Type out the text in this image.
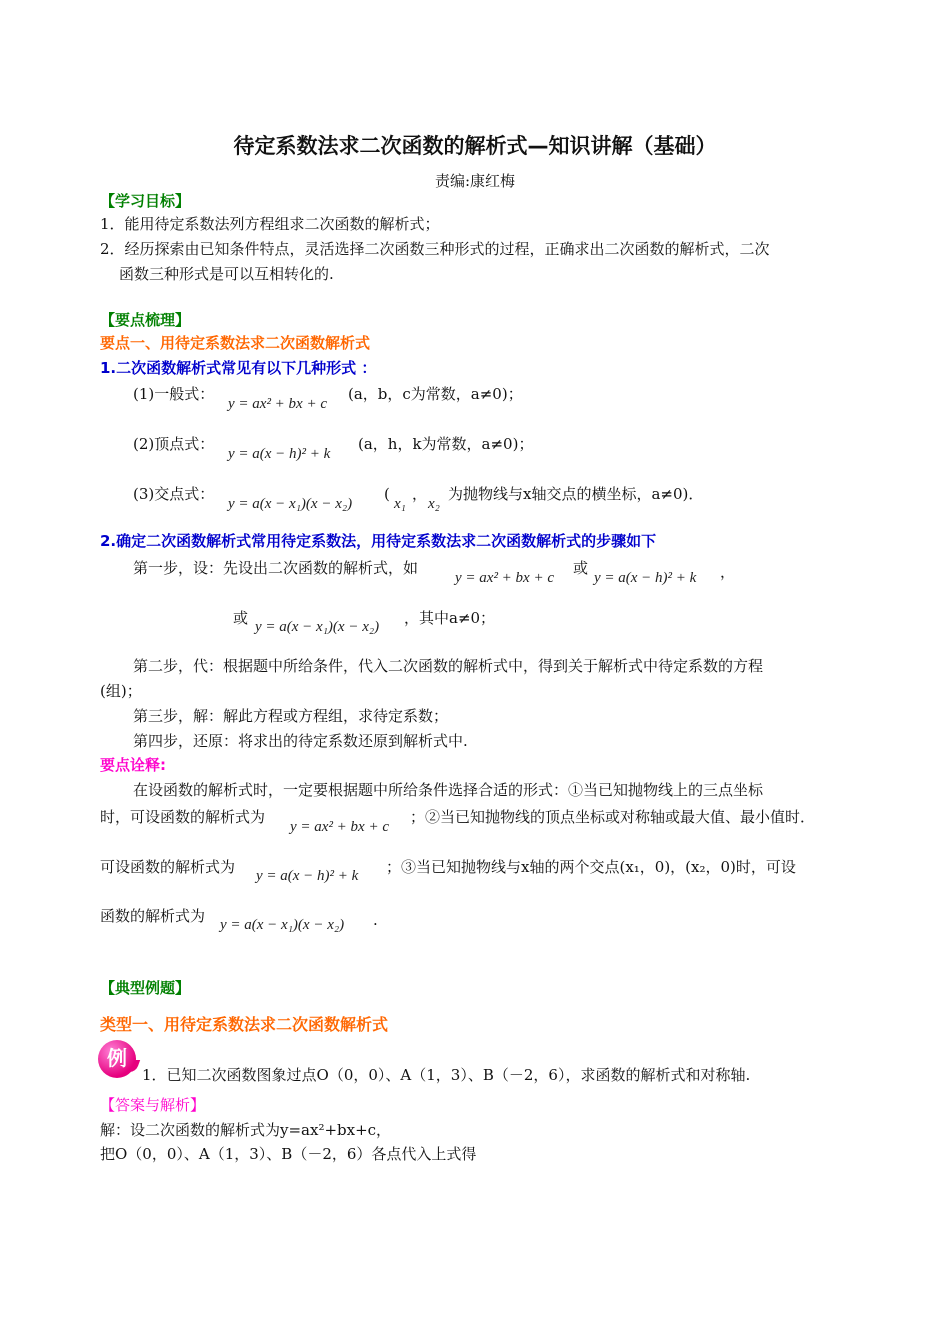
待定系数法求二次函数的解析式—知识讲解（基础）
责编:康红梅
【学习目标】
1．能用待定系数法列方程组求二次函数的解析式；
2．经历探索由已知条件特点，灵活选择二次函数三种形式的过程，正确求出二次函数的解析式，二次
函数三种形式是可以互相转化的.
【要点梳理】
要点一、用待定系数法求二次函数解析式
1.二次函数解析式常见有以下几种形式 ：
(1)一般式：
y = ax² + bx + c
(a，b，c为常数，a≠0)；
(2)顶点式：
y = a(x − h)² + k
(a，h，k为常数，a≠0)；
(3)交点式：
y = a(x − x₁)(x − x₂)
(
x₁
，
x₂
为抛物线与x轴交点的横坐标，a≠0)．
2.确定二次函数解析式常用待定系数法，用待定系数法求二次函数解析式的步骤如下
第一步，设：先设出二次函数的解析式，如
y = ax² + bx + c
或
y = a(x − h)² + k ，
或 y = a(x − x₁)(x − x₂) ，其中a≠0；
第二步，代：根据题中所给条件，代入二次函数的解析式中，得到关于解析式中待定系数的方程
(组)；
第三步，解：解此方程或方程组，求待定系数；
第四步，还原：将求出的待定系数还原到解析式中.
要点诠释:
在设函数的解析式时，一定要根据题中所给条件选择合适的形式：①当已知抛物线上的三点坐标
时，可设函数的解析式为
y = ax² + bx + c
；②当已知抛物线的顶点坐标或对称轴或最大值、最小值时．
可设函数的解析式为 y = a(x − h)² + k ；③当已知抛物线与x轴的两个交点(x₁，0)，(x₂，0)时，可设
函数的解析式为 y = a(x − x₁)(x − x₂) .
【典型例题】
类型一、用待定系数法求二次函数解析式
例
1．已知二次函数图象过点O（0，0）、A（1，3）、B（－2，6），求函数的解析式和对称轴.
【答案与解析】
解：设二次函数的解析式为y=ax²+bx+c，
把O（0，0）、A（1，3）、B（－2，6）各点代入上式得
